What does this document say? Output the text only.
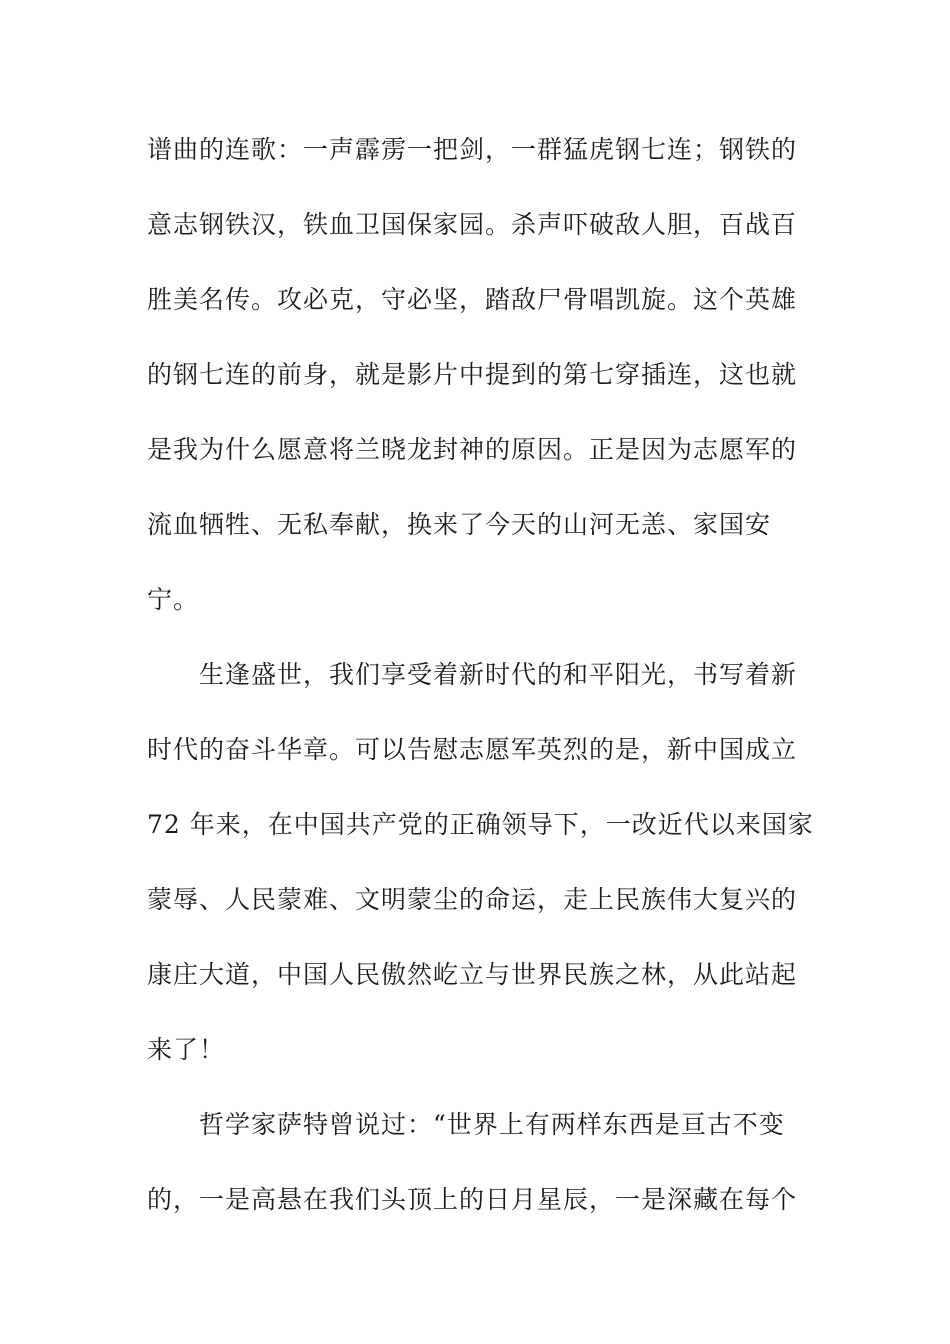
谱曲的连歌：一声霹雳一把剑，一群猛虎钢七连；钢铁的
意志钢铁汉，铁血卫国保家园。杀声吓破敌人胆，百战百
胜美名传。攻必克，守必坚，踏敌尸骨唱凯旋。这个英雄
的钢七连的前身，就是影片中提到的第七穿插连，这也就
是我为什么愿意将兰晓龙封神的原因。正是因为志愿军的
流血牺牲、无私奉献，换来了今天的山河无恙、家国安
宁。
生逢盛世，我们享受着新时代的和平阳光，书写着新
时代的奋斗华章。可以告慰志愿军英烈的是，新中国成立
72 年来，在中国共产党的正确领导下，一改近代以来国家
蒙辱、人民蒙难、文明蒙尘的命运，走上民族伟大复兴的
康庄大道，中国人民傲然屹立与世界民族之林，从此站起
来了！
哲学家萨特曾说过：“世界上有两样东西是亘古不变
的，一是高悬在我们头顶上的日月星辰，一是深藏在每个
